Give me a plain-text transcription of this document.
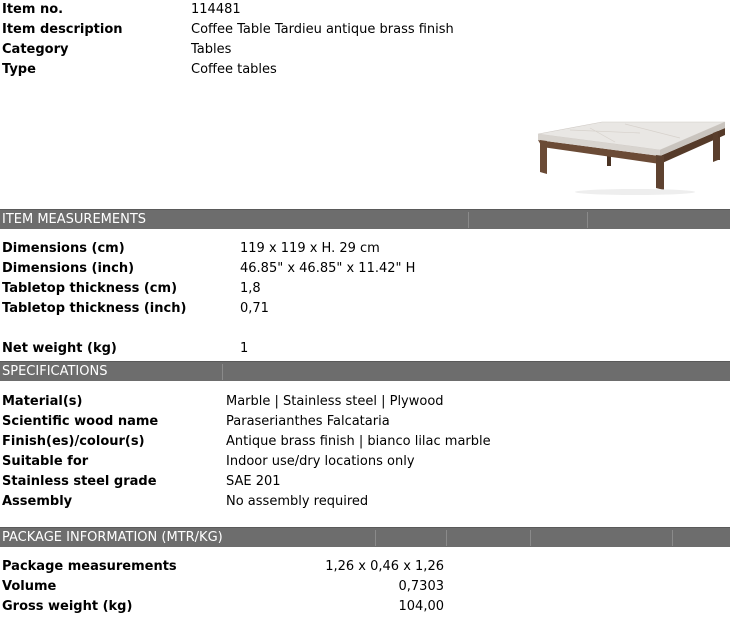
Item no.	114481
Item description	Coffee Table Tardieu antique brass finish
Category	Tables
Type	Coffee tables
ITEM MEASUREMENTS
Dimensions (cm)	119 x 119 x H. 29 cm
Dimensions (inch)	46.85" x 46.85" x 11.42" H
Tabletop thickness (cm)	1,8
Tabletop thickness (inch)	0,71
Net weight (kg)	1
SPECIFICATIONS
Material(s)	Marble | Stainless steel | Plywood
Scientific wood name	Paraserianthes Falcataria
Finish(es)/colour(s)	Antique brass finish | bianco lilac marble
Suitable for	Indoor use/dry locations only
Stainless steel grade	SAE 201
Assembly	No assembly required
PACKAGE INFORMATION (MTR/KG)
Package measurements	1,26 x 0,46 x 1,26
Volume	0,7303
Gross weight (kg)	104,00
